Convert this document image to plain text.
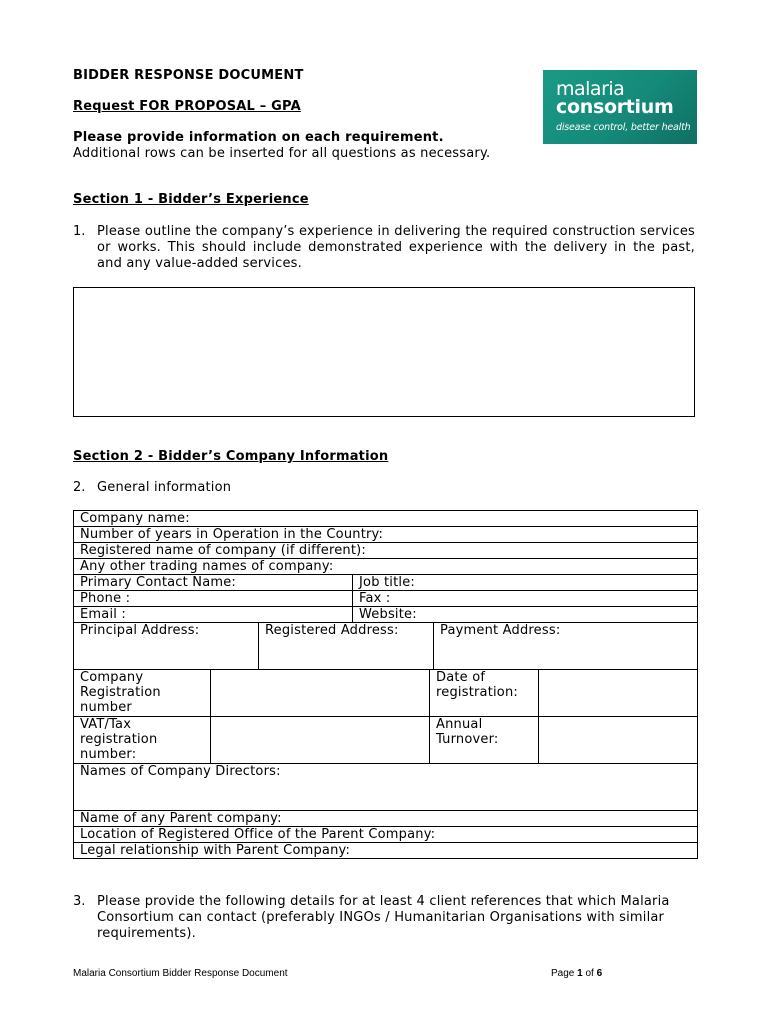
BIDDER RESPONSE DOCUMENT
Request FOR PROPOSAL – GPA
Please provide information on each requirement.
Additional rows can be inserted for all questions as necessary.
malaria
consortium
disease control, better health
Section 1 - Bidder’s Experience
1. Please outline the company’s experience in delivering the required construction services or works. This should include demonstrated experience with the delivery in the past, and any value-added services.
Section 2 - Bidder’s Company Information
2. General information
Company name:						
Number of years in Operation in the Country:						
Registered name of company (if different):						
Any other trading names of company:						
Primary Contact Name:			Job title:			
Phone :			Fax :			
Email :			Website:			
Principal Address:		Registered Address:			Payment Address:	
Company Registration number				Date of registration:		
VAT/Tax registration number:				Annual Turnover:		
Names of Company Directors:						
Name of any Parent company:						
Location of Registered Office of the Parent Company:						
Legal relationship with Parent Company:						
3. Please provide the following details for at least 4 client references that which Malaria Consortium can contact (preferably INGOs / Humanitarian Organisations with similar requirements).
Malaria Consortium Bidder Response Document	Page 1 of 6
